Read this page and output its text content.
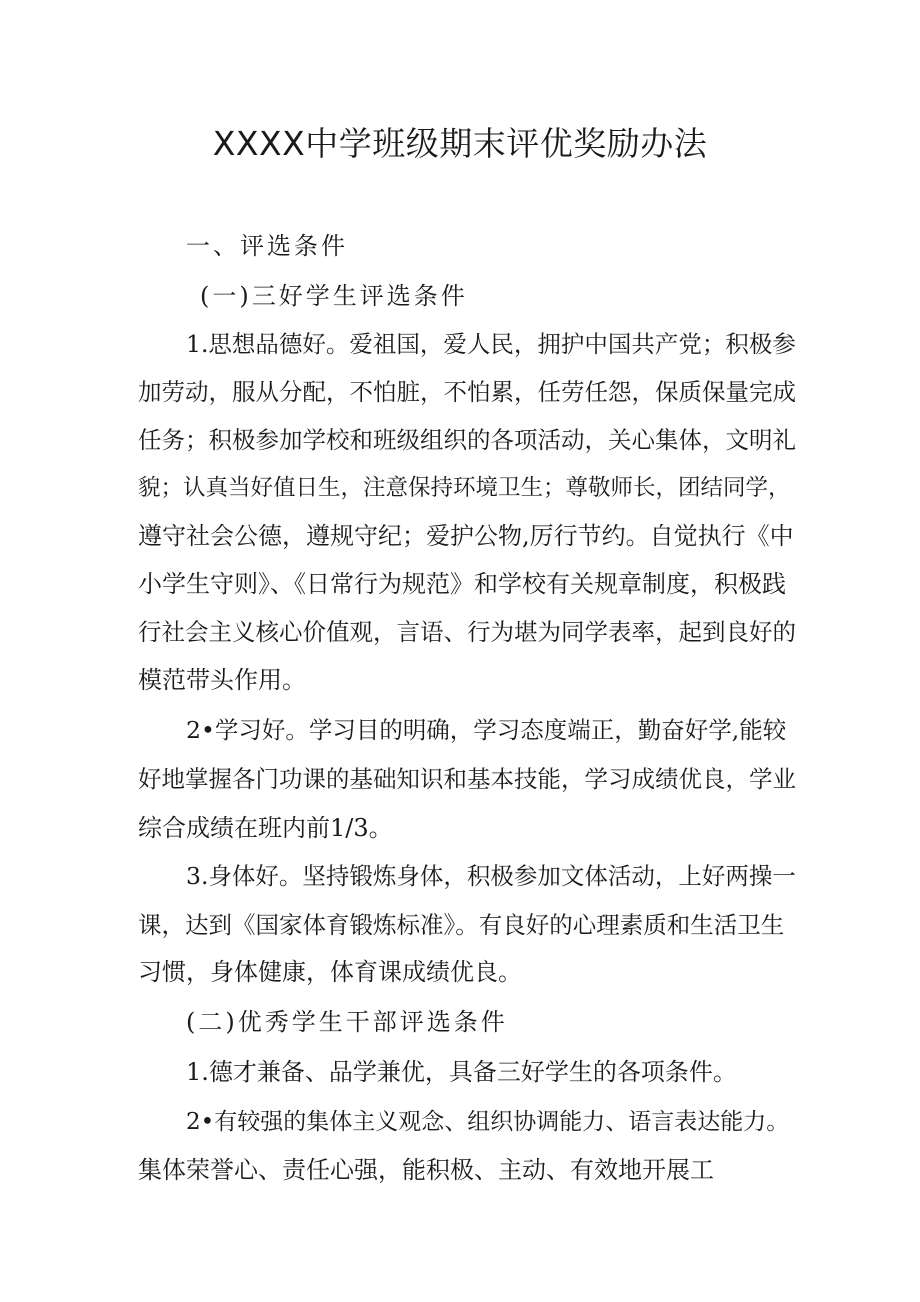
XXXX中学班级期末评优奖励办法

一、评选条件

(一)三好学生评选条件

1.思想品德好。爱祖国，爱人民，拥护中国共产党；积极参

加劳动，服从分配，不怕脏，不怕累，任劳任怨，保质保量完成

任务；积极参加学校和班级组织的各项活动，关心集体，文明礼

貌；认真当好值日生，注意保持环境卫生；尊敬师长，团结同学，

遵守社会公德，遵规守纪；爱护公物,厉行节约。自觉执行《中

小学生守则》、《日常行为规范》和学校有关规章制度，积极践

行社会主义核心价值观，言语、行为堪为同学表率，起到良好的

模范带头作用。

2•学习好。学习目的明确，学习态度端正，勤奋好学,能较

好地掌握各门功课的基础知识和基本技能，学习成绩优良，学业

综合成绩在班内前1/3。

3.身体好。坚持锻炼身体，积极参加文体活动，上好两操一

课，达到《国家体育锻炼标准》。有良好的心理素质和生活卫生

习惯，身体健康，体育课成绩优良。

(二)优秀学生干部评选条件

1.德才兼备、品学兼优，具备三好学生的各项条件。

2•有较强的集体主义观念、组织协调能力、语言表达能力。

集体荣誉心、责任心强，能积极、主动、有效地开展工
